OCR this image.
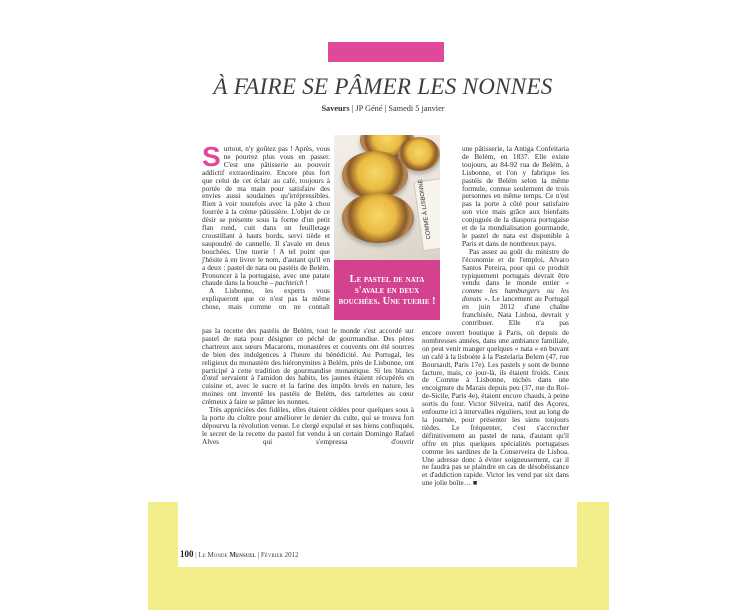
À FAIRE SE PÂMER LES NONNES
Saveurs | JP Géné | Samedi 5 janvier

Surtout, n'y goûtez pas ! Après, vous ne pourrez plus vous en passer. C'est une pâtisserie au pouvoir addictif extraordinaire. Encore plus fort que celui de cet éclair au café, toujours à portée de ma main pour satisfaire des envies aussi soudaines qu'irrépressibles. Rien à voir toutefois avec la pâte à chou fourrée à la crème pâtissière. L'objet de ce désir se présente sous la forme d'un petit flan rond, cuit dans un feuilletage croustillant à hauts bords, servi tiède et saupoudré de cannelle. Il s'avale en deux bouchées. Une tuerie ! A tel point que j'hésite à en livrer le nom, d'autant qu'il en a deux : pastel de nata ou pastéis de Belém. Prononcer à la portugaise, avec une patate chaude dans la bouche – pachteich !

A Lisbonne, les experts vous expliqueront que ce n'est pas la même chose, mais comme on ne connaît

pas la recette des pastéis de Belém, tout le monde s'est accordé sur pastel de nata pour désigner ce péché de gourmandise. Des pères chartreux aux sœurs Macarons, monastères et couvents ont été sources de bien des indulgences à l'heure du bénédicité. Au Portugal, les religieux du monastère des hiéronymites à Belém, près de Lisbonne, ont participé à cette tradition de gourmandise monastique. Si les blancs d'œuf servaient à l'amidon des habits, les jaunes étaient récupérés en cuisine et, avec le sucre et la farine des impôts levés en nature, les moines ont inventé les pastéis de Belém, des tartelettes au cœur crémeux à faire se pâmer les nonnes.

Très appréciées des fidèles, elles étaient cédées pour quelques sous à la porte du cloître pour améliorer le denier du culte, qui se trouva fort dépourvu la révolution venue. Le clergé expulsé et ses biens confisqués, le secret de la recette du pastel fut vendu à un certain Domingo Rafael Alves qui s'empressa d'ouvrir

COMME À LISBONNE
Le pastel de nata s'avale en deux bouchées. Une tuerie !

une pâtisserie, la Antiga Confeitaria de Belém, en 1837. Elle existe toujours, au 84-92 rua de Belém, à Lisbonne, et l'on y fabrique les pastéis de Belém selon la même formule, connue seulement de trois personnes en même temps. Ce n'est pas la porte à côté pour satisfaire son vice mais grâce aux bienfaits conjugués de la diaspora portugaise et de la mondialisation gourmande, le pastel de nata est disponible à Paris et dans de nombreux pays.

Pas assez au goût du ministre de l'économie et de l'emploi, Alvaro Santos Pereira, pour qui ce produit typiquement portugais devrait être vendu dans le monde entier « comme les hamburgers ou les donuts ». Le lancement au Portugal en juin 2012 d'une chaîne franchisée, Nata Lisboa, devrait y contribuer. Elle n'a pas

encore ouvert boutique à Paris, où depuis de nombreuses années, dans une ambiance familiale, on peut venir manger quelques « nata » en buvant un café à la lisboète à la Pastelaria Belem (47, rue Boursault, Paris 17e). Les pastels y sont de bonne facture, mais, ce jour-là, ils étaient froids. Ceux de Comme à Lisbonne, nichés dans une encoignure du Marais depuis peu (37, rue du Roi-de-Sicile, Paris 4e), étaient encore chauds, à peine sortis du four. Victor Silveira, natif des Açores, enfourne ici à intervalles réguliers, tout au long de la journée, pour présenter les siens toujours tièdes. Le fréquenter, c'est s'accrocher définitivement au pastel de nata, d'autant qu'il offre en plus quelques spécialités portugaises comme les sardines de la Conserveira de Lisboa. Une adresse donc à éviter soigneusement, car il ne faudra pas se plaindre en cas de désobéissance et d'addiction rapide. Victor les vend par six dans une jolie boîte… ■

100 | Le Monde Mensuel | Février 2012
